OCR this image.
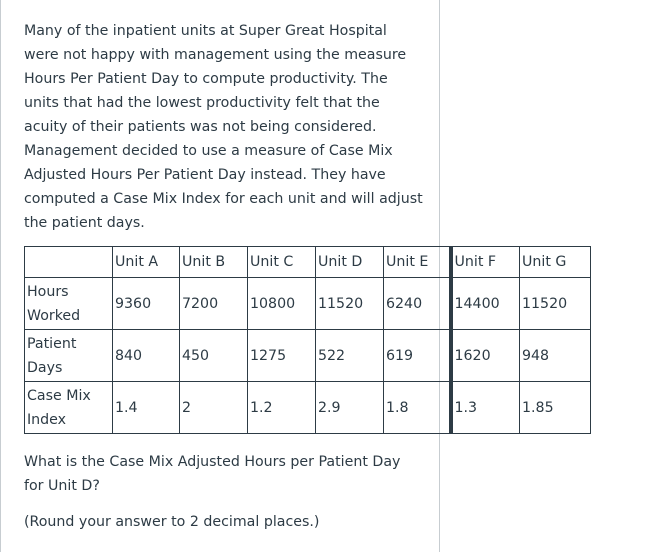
Many of the inpatient units at Super Great Hospital were not happy with management using the measure Hours Per Patient Day to compute productivity. The units that had the lowest productivity felt that the acuity of their patients was not being considered. Management decided to use a measure of Case Mix Adjusted Hours Per Patient Day instead. They have computed a Case Mix Index for each unit and will adjust the patient days.

	Unit A	Unit B	Unit C	Unit D	Unit E	Unit F	Unit G
Hours Worked	9360	7200	10800	11520	6240	14400	11520
Patient Days	840	450	1275	522	619	1620	948
Case Mix Index	1.4	2	1.2	2.9	1.8	1.3	1.85

What is the Case Mix Adjusted Hours per Patient Day for Unit D?

(Round your answer to 2 decimal places.)
